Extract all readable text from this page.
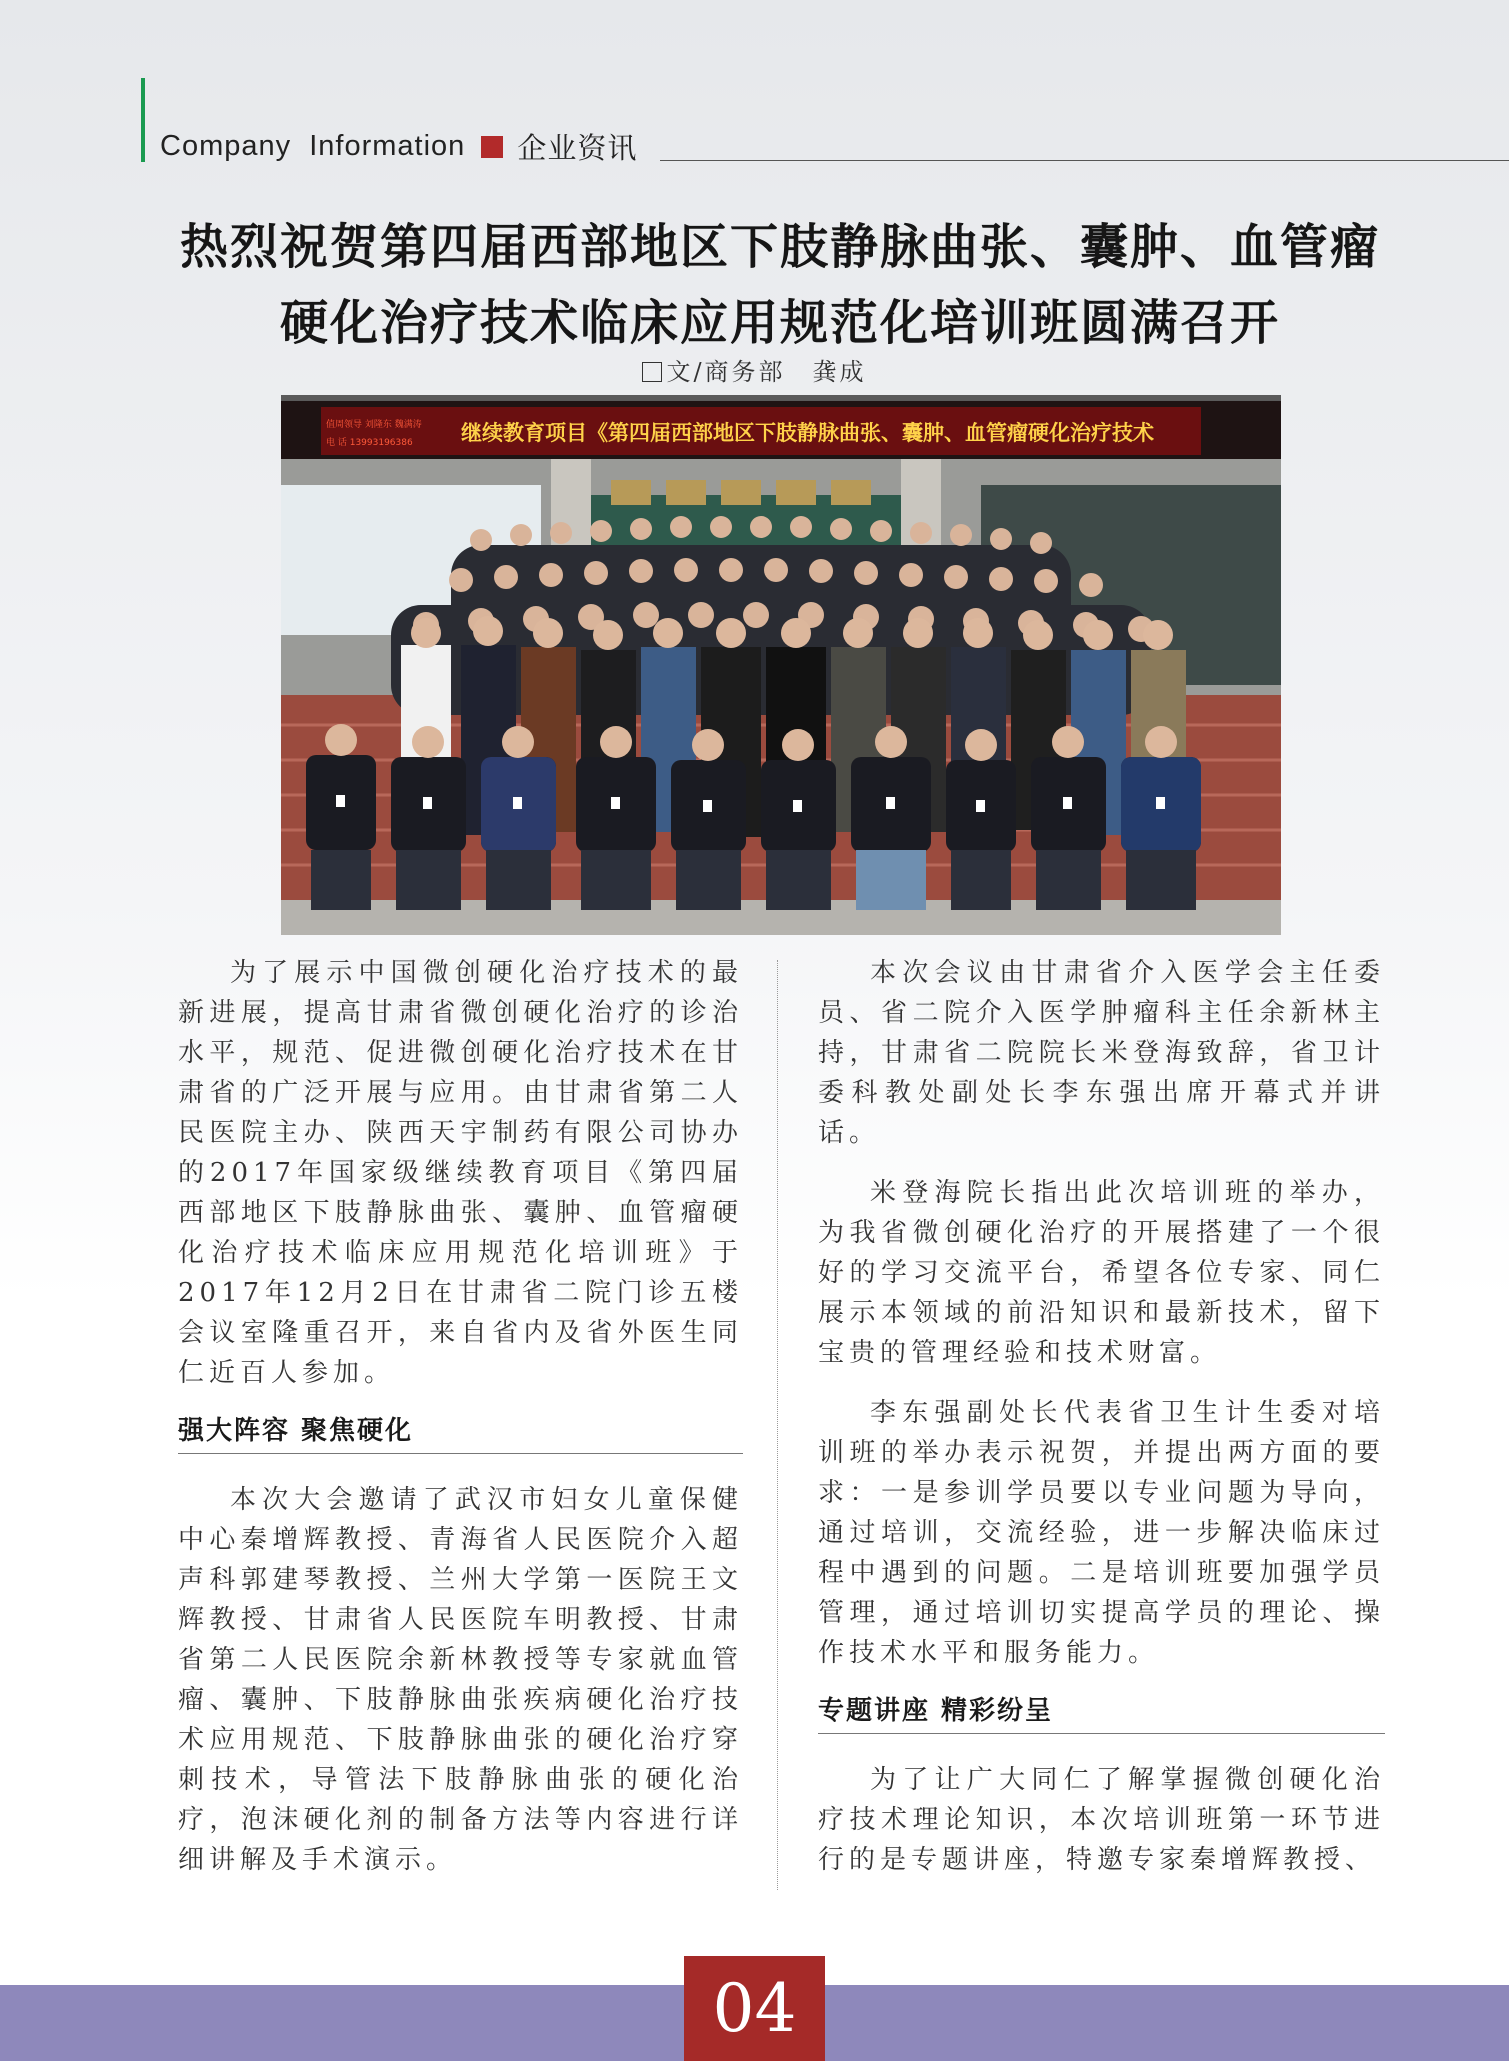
Company  Information 企业资讯
热烈祝贺第四届西部地区下肢静脉曲张、囊肿、血管瘤
硬化治疗技术临床应用规范化培训班圆满召开
文/商务部　龚成
继续教育项目《第四届西部地区下肢静脉曲张、囊肿、血管瘤硬化治疗技术
值周领导 刘隆东 魏满涛
电 话 13993196386

为了展示中国微创硬化治疗技术的最新进展，提高甘肃省微创硬化治疗的诊治水平，规范、促进微创硬化治疗技术在甘肃省的广泛开展与应用。由甘肃省第二人民医院主办、陕西天宇制药有限公司协办的2017年国家级继续教育项目《第四届西部地区下肢静脉曲张、囊肿、血管瘤硬化治疗技术临床应用规范化培训班》于2017年12月2日在甘肃省二院门诊五楼会议室隆重召开，来自省内及省外医生同仁近百人参加。

强大阵容 聚焦硬化

本次大会邀请了武汉市妇女儿童保健中心秦增辉教授、青海省人民医院介入超声科郭建琴教授、兰州大学第一医院王文辉教授、甘肃省人民医院车明教授、甘肃省第二人民医院余新林教授等专家就血管瘤、囊肿、下肢静脉曲张疾病硬化治疗技术应用规范、下肢静脉曲张的硬化治疗穿刺技术，导管法下肢静脉曲张的硬化治疗，泡沫硬化剂的制备方法等内容进行详细讲解及手术演示。

本次会议由甘肃省介入医学会主任委员、省二院介入医学肿瘤科主任余新林主持，甘肃省二院院长米登海致辞，省卫计委科教处副处长李东强出席开幕式并讲话。

米登海院长指出此次培训班的举办，为我省微创硬化治疗的开展搭建了一个很好的学习交流平台，希望各位专家、同仁展示本领域的前沿知识和最新技术，留下宝贵的管理经验和技术财富。

李东强副处长代表省卫生计生委对培训班的举办表示祝贺，并提出两方面的要求：一是参训学员要以专业问题为导向，通过培训，交流经验，进一步解决临床过程中遇到的问题。二是培训班要加强学员管理，通过培训切实提高学员的理论、操作技术水平和服务能力。

专题讲座 精彩纷呈

为了让广大同仁了解掌握微创硬化治疗技术理论知识，本次培训班第一环节进行的是专题讲座，特邀专家秦增辉教授、

04
